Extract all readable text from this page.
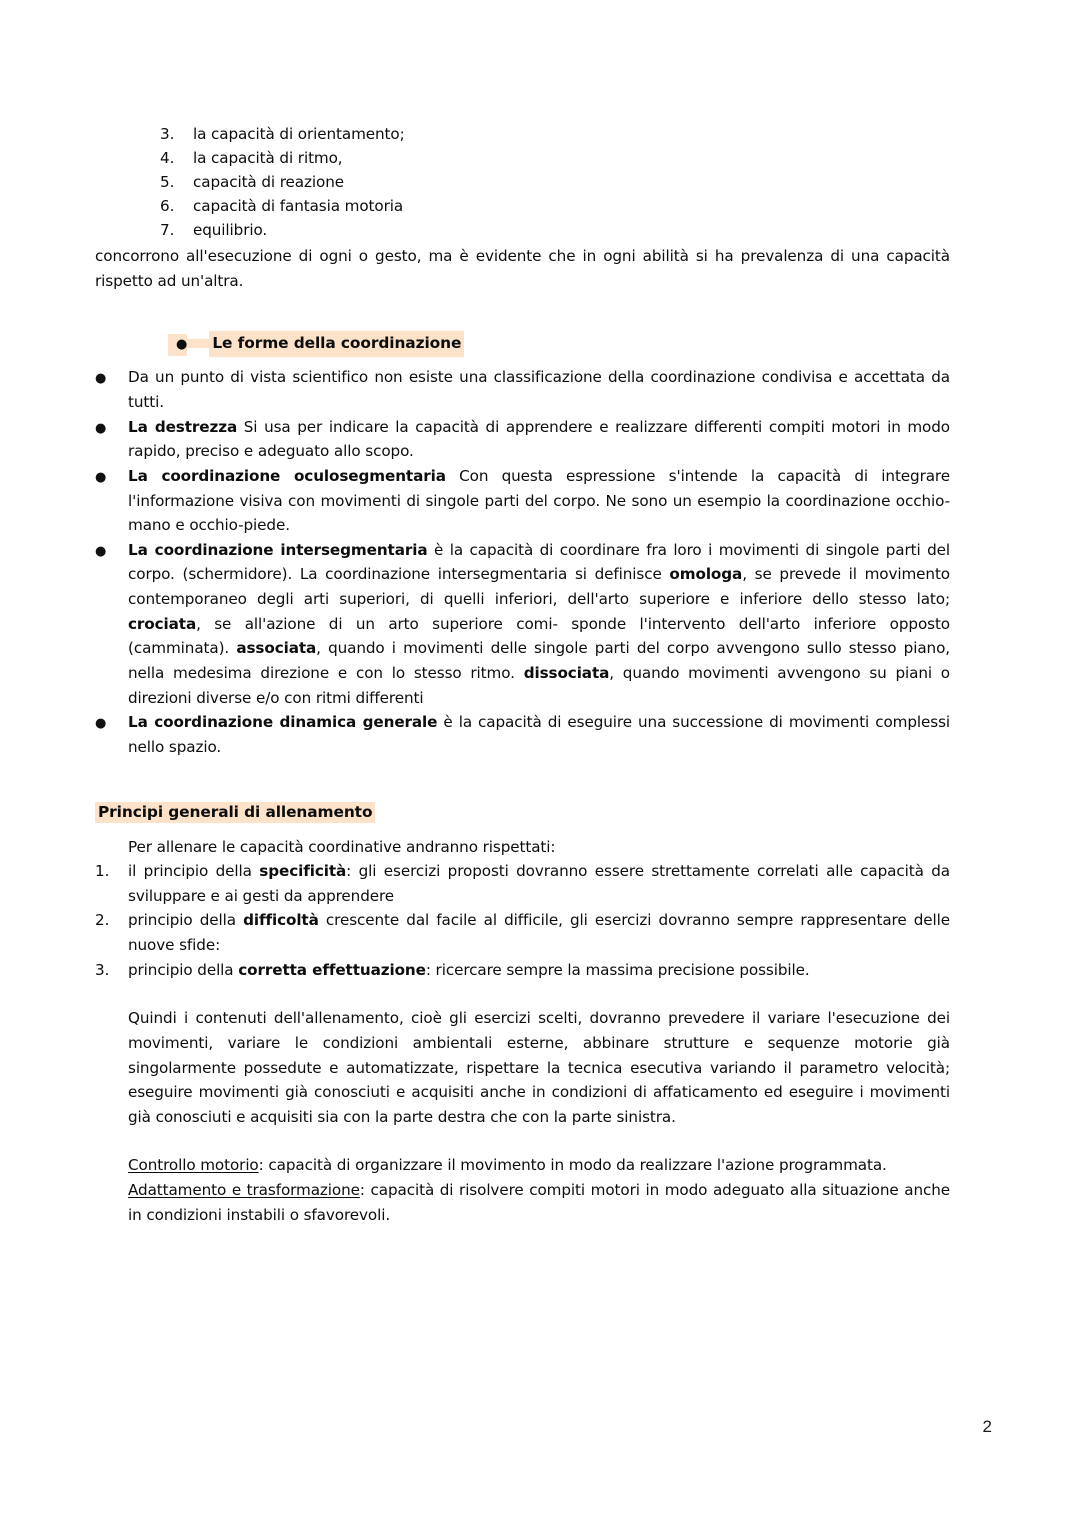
3.	la capacità di orientamento;
4.	la capacità di ritmo,
5.	capacità di reazione
6.	capacità di fantasia motoria
7.	equilibrio.

concorrono all'esecuzione di ogni o gesto, ma è evidente che in ogni abilità si ha prevalenza di una capacità rispetto ad un'altra.

● Le forme della coordinazione
●	Da un punto di vista scientifico non esiste una classificazione della coordinazione condivisa e accettata da tutti.

●	La destrezza Si usa per indicare la capacità di apprendere e realizzare differenti compiti motori in modo rapido, preciso e adeguato allo scopo.

●	La coordinazione oculosegmentaria Con questa espressione s'intende la capacità di integrare l'informazione visiva con movimenti di singole parti del corpo. Ne sono un esempio la coordinazione occhio-mano e occhio-piede.

●	La coordinazione intersegmentaria è la capacità di coordinare fra loro i movimenti di singole parti del corpo. (schermidore). La coordinazione intersegmentaria si definisce omologa, se prevede il movimento contemporaneo degli arti superiori, di quelli inferiori, dell'arto superiore e inferiore dello stesso lato; crociata, se all'azione di un arto superiore comi- sponde l'intervento dell'arto inferiore opposto (camminata). associata, quando i movimenti delle singole parti del corpo avvengono sullo stesso piano, nella medesima direzione e con lo stesso ritmo. dissociata, quando movimenti avvengono su piani o direzioni diverse e/o con ritmi differenti

●	La coordinazione dinamica generale è la capacità di eseguire una successione di movimenti complessi nello spazio.

Principi generali di allenamento

Per allenare le capacità coordinative andranno rispettati:

1.	il principio della specificità: gli esercizi proposti dovranno essere strettamente correlati alle capacità da sviluppare e ai gesti da apprendere

2.	principio della difficoltà crescente dal facile al difficile, gli esercizi dovranno sempre rappresentare delle nuove sfide:

3.	principio della corretta effettuazione: ricercare sempre la massima precisione possibile.

Quindi i contenuti dell'allenamento, cioè gli esercizi scelti, dovranno prevedere il variare l'esecuzione dei movimenti, variare le condizioni ambientali esterne, abbinare strutture e sequenze motorie già singolarmente possedute e automatizzate, rispettare la tecnica esecutiva variando il parametro velocità; eseguire movimenti già conosciuti e acquisiti anche in condizioni di affaticamento ed eseguire i movimenti già conosciuti e acquisiti sia con la parte destra che con la parte sinistra.

Controllo motorio: capacità di organizzare il movimento in modo da realizzare l'azione programmata.

Adattamento e trasformazione: capacità di risolvere compiti motori in modo adeguato alla situazione anche in condizioni instabili o sfavorevoli.

2
